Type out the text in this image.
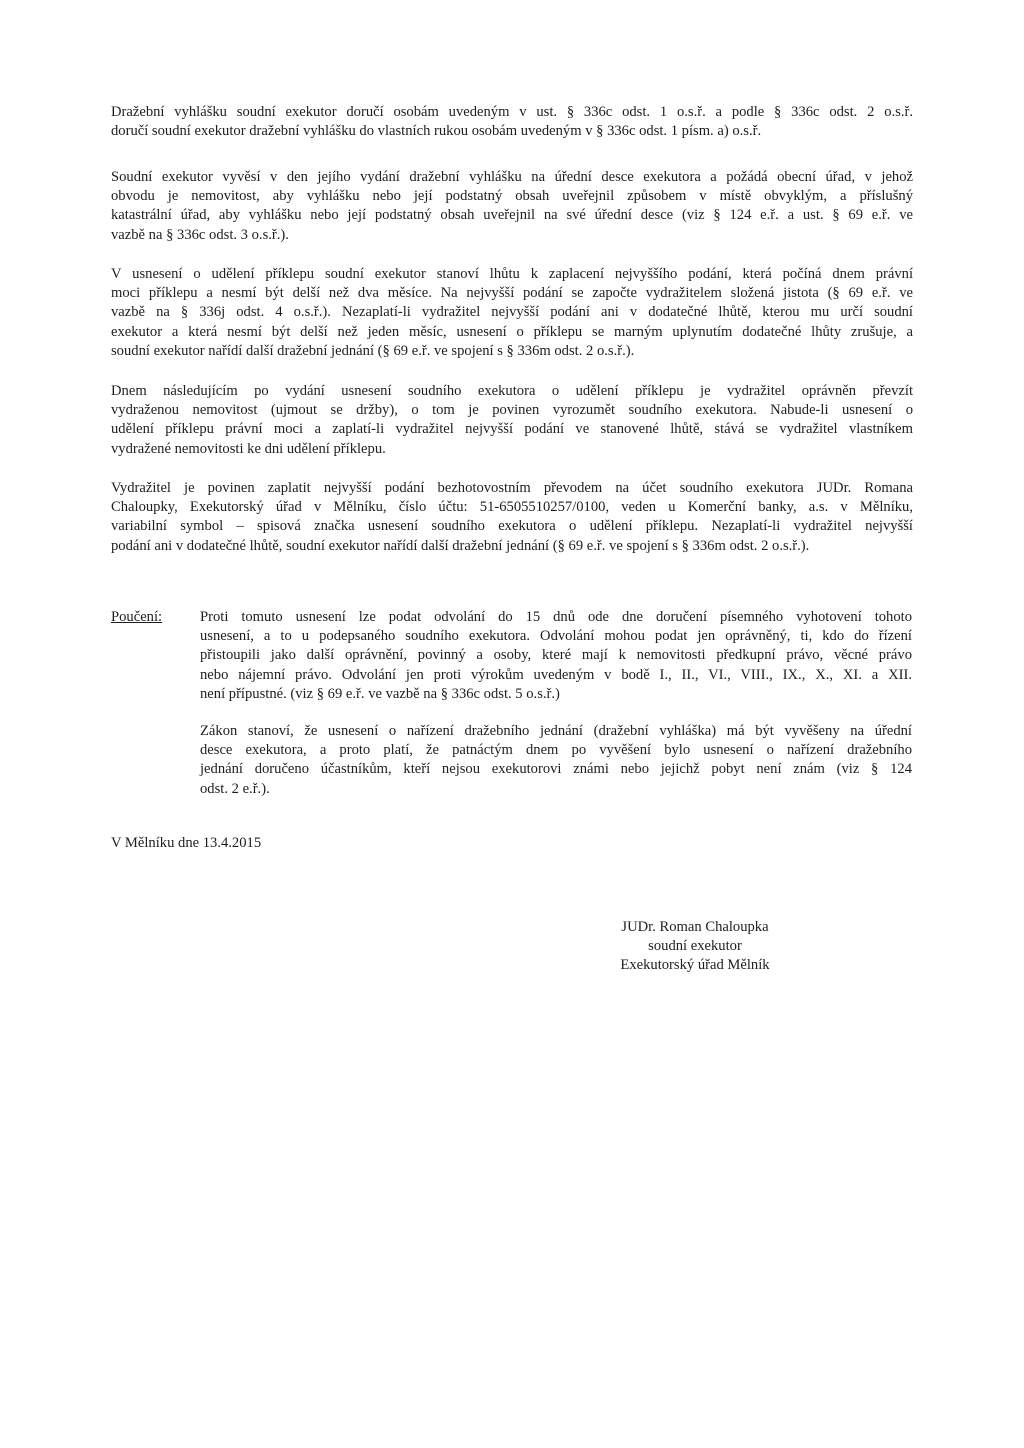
Dražební vyhlášku soudní exekutor doručí osobám uvedeným v ust. § 336c odst. 1 o.s.ř. a podle § 336c odst. 2 o.s.ř.
doručí soudní exekutor dražební vyhlášku do vlastních rukou osobám uvedeným v § 336c odst. 1 písm. a) o.s.ř.

Soudní exekutor vyvěsí v den jejího vydání dražební vyhlášku na úřední desce exekutora a požádá obecní úřad, v jehož
obvodu je nemovitost, aby vyhlášku nebo její podstatný obsah uveřejnil způsobem v místě obvyklým, a příslušný
katastrální úřad, aby vyhlášku nebo její podstatný obsah uveřejnil na své úřední desce (viz § 124 e.ř. a ust. § 69 e.ř. ve
vazbě na § 336c odst. 3 o.s.ř.).

V usnesení o udělení příklepu soudní exekutor stanoví lhůtu k zaplacení nejvyššího podání, která počíná dnem právní
moci příklepu a nesmí být delší než dva měsíce. Na nejvyšší podání se započte vydražitelem složená jistota (§ 69 e.ř. ve
vazbě na § 336j odst. 4 o.s.ř.). Nezaplatí-li vydražitel nejvyšší podání ani v dodatečné lhůtě, kterou mu určí soudní
exekutor a která nesmí být delší než jeden měsíc, usnesení o příklepu se marným uplynutím dodatečné lhůty zrušuje, a
soudní exekutor nařídí další dražební jednání (§ 69 e.ř. ve spojení s § 336m odst. 2 o.s.ř.).

Dnem následujícím po vydání usnesení soudního exekutora o udělení příklepu je vydražitel oprávněn převzít
vydraženou nemovitost (ujmout se držby), o tom je povinen vyrozumět soudního exekutora. Nabude-li usnesení o
udělení příklepu právní moci a zaplatí-li vydražitel nejvyšší podání ve stanovené lhůtě, stává se vydražitel vlastníkem
vydražené nemovitosti ke dni udělení příklepu.

Vydražitel je povinen zaplatit nejvyšší podání bezhotovostním převodem na účet soudního exekutora JUDr. Romana
Chaloupky, Exekutorský úřad v Mělníku, číslo účtu: 51-6505510257/0100, veden u Komerční banky, a.s. v Mělníku,
variabilní symbol – spisová značka usnesení soudního exekutora o udělení příklepu. Nezaplatí-li vydražitel nejvyšší
podání ani v dodatečné lhůtě, soudní exekutor nařídí další dražební jednání (§ 69 e.ř. ve spojení s § 336m odst. 2 o.s.ř.).

Poučení:	Proti tomuto usnesení lze podat odvolání do 15 dnů ode dne doručení písemného vyhotovení tohoto
usnesení, a to u podepsaného soudního exekutora. Odvolání mohou podat jen oprávněný, ti, kdo do řízení
přistoupili jako další oprávnění, povinný a osoby, které mají k nemovitosti předkupní právo, věcné právo
nebo nájemní právo. Odvolání jen proti výrokům uvedeným v bodě I., II., VI., VIII., IX., X., XI. a XII.
není přípustné. (viz § 69 e.ř. ve vazbě na § 336c odst. 5 o.s.ř.)

Zákon stanoví, že usnesení o nařízení dražebního jednání (dražební vyhláška) má být vyvěšeny na úřední
desce exekutora, a proto platí, že patnáctým dnem po vyvěšení bylo usnesení o nařízení dražebního
jednání doručeno účastníkům, kteří nejsou exekutorovi známi nebo jejichž pobyt není znám (viz § 124
odst. 2 e.ř.).

V Mělníku dne 13.4.2015

JUDr. Roman Chaloupka
soudní exekutor
Exekutorský úřad Mělník
